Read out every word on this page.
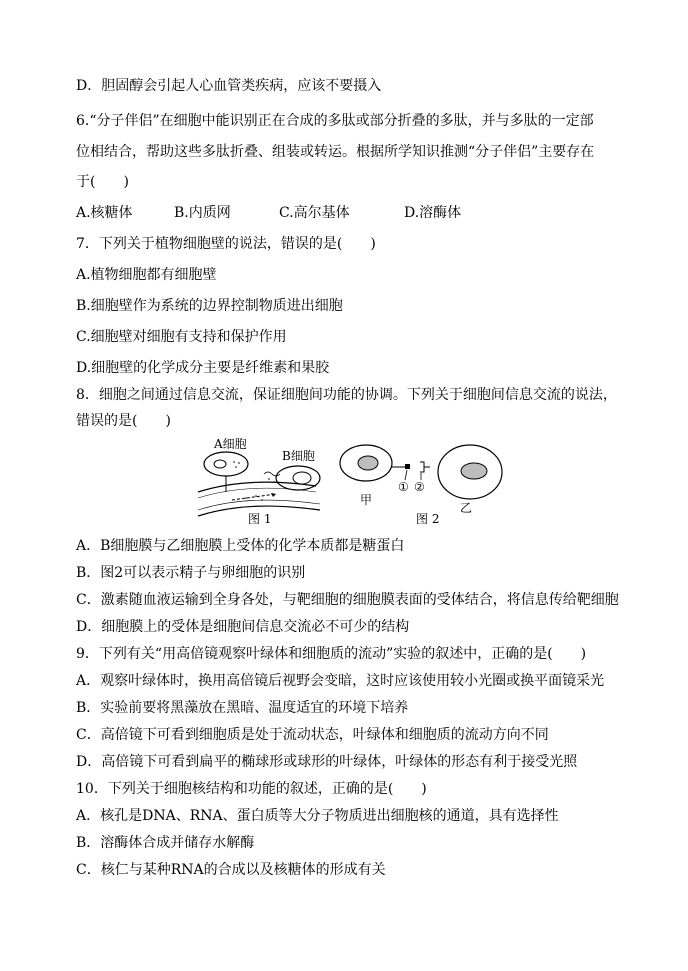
D．胆固醇会引起人心血管类疾病，应该不要摄入
6.“分子伴侣”在细胞中能识别正在合成的多肽或部分折叠的多肽，并与多肽的一定部
位相结合，帮助这些多肽折叠、组装或转运。根据所学知识推测“分子伴侣”主要存在
于(　　)
A.核糖体	B.内质网	C.高尔基体	D.溶酶体
7．下列关于植物细胞壁的说法，错误的是(　　)
A.植物细胞都有细胞壁
B.细胞壁作为系统的边界控制物质进出细胞
C.细胞壁对细胞有支持和保护作用
D.细胞壁的化学成分主要是纤维素和果胶
8．细胞之间通过信息交流，保证细胞间功能的协调。下列关于细胞间信息交流的说法，
错误的是(　　)
A细胞
B细胞
图 1
① ②
甲
乙
图 2
A．B细胞膜与乙细胞膜上受体的化学本质都是糖蛋白
B．图2可以表示精子与卵细胞的识别
C．激素随血液运输到全身各处，与靶细胞的细胞膜表面的受体结合，将信息传给靶细胞
D．细胞膜上的受体是细胞间信息交流必不可少的结构
9．下列有关“用高倍镜观察叶绿体和细胞质的流动”实验的叙述中，正确的是(　　)
A．观察叶绿体时，换用高倍镜后视野会变暗，这时应该使用较小光圈或换平面镜采光
B．实验前要将黑藻放在黑暗、温度适宜的环境下培养
C．高倍镜下可看到细胞质是处于流动状态，叶绿体和细胞质的流动方向不同
D．高倍镜下可看到扁平的椭球形或球形的叶绿体，叶绿体的形态有利于接受光照
10．下列关于细胞核结构和功能的叙述，正确的是(　　)
A．核孔是DNA、RNA、蛋白质等大分子物质进出细胞核的通道，具有选择性
B．溶酶体合成并储存水解酶
C．核仁与某种RNA的合成以及核糖体的形成有关
